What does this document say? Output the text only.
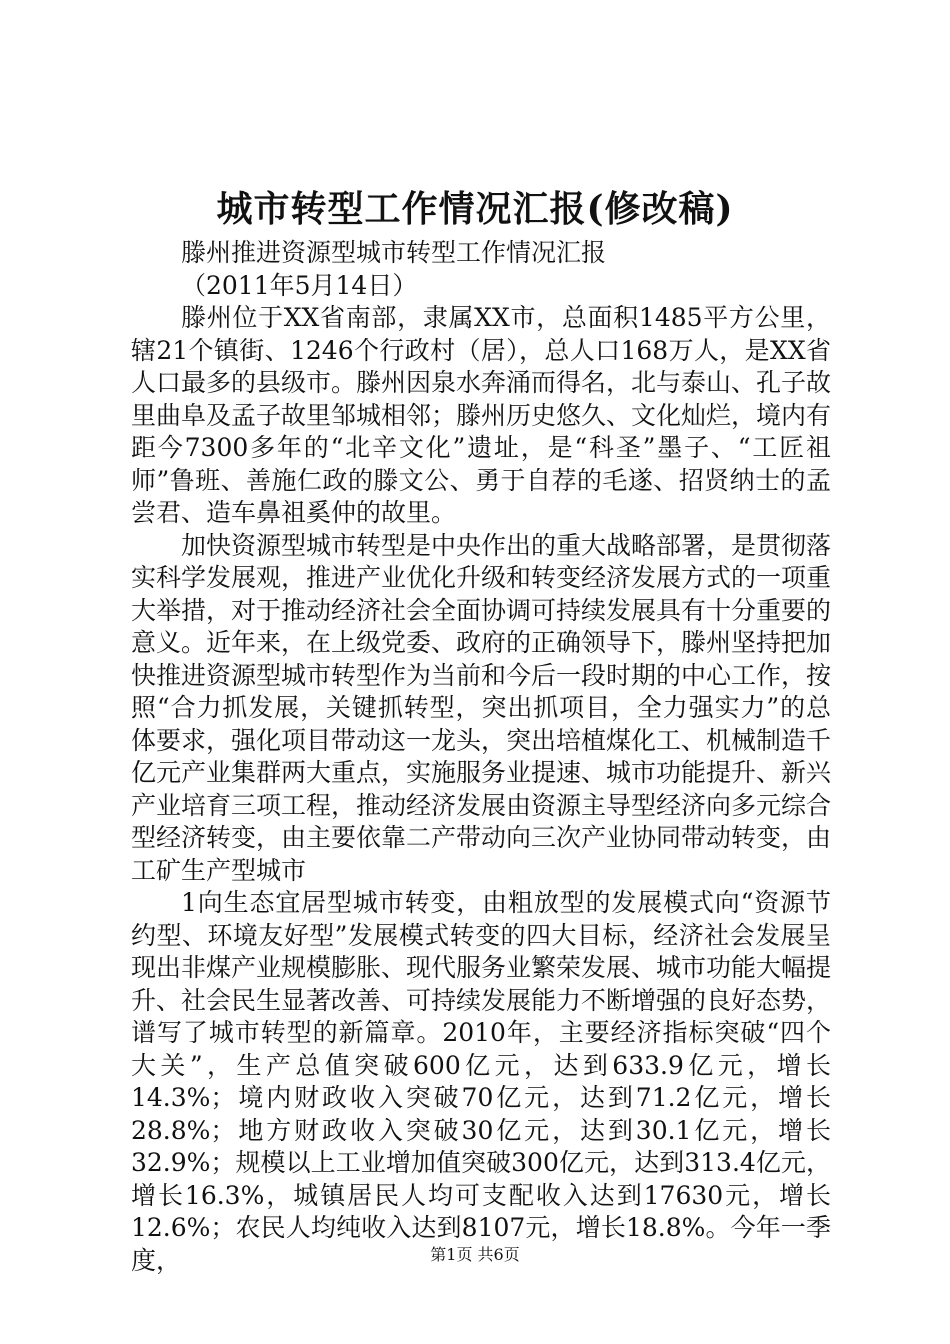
城市转型工作情况汇报(修改稿)

滕州推进资源型城市转型工作情况汇报

（2011年5月14日）

滕州位于XX省南部，隶属XX市，总面积1485平方公里，辖21个镇街、1246个行政村（居），总人口168万人，是XX省人口最多的县级市。滕州因泉水奔涌而得名，北与泰山、孔子故里曲阜及孟子故里邹城相邻；滕州历史悠久、文化灿烂，境内有距今7300多年的“北辛文化”遗址，是“科圣”墨子、“工匠祖师”鲁班、善施仁政的滕文公、勇于自荐的毛遂、招贤纳士的孟尝君、造车鼻祖奚仲的故里。

加快资源型城市转型是中央作出的重大战略部署，是贯彻落实科学发展观，推进产业优化升级和转变经济发展方式的一项重大举措，对于推动经济社会全面协调可持续发展具有十分重要的意义。近年来，在上级党委、政府的正确领导下，滕州坚持把加快推进资源型城市转型作为当前和今后一段时期的中心工作，按照“合力抓发展，关键抓转型，突出抓项目，全力强实力”的总体要求，强化项目带动这一龙头，突出培植煤化工、机械制造千亿元产业集群两大重点，实施服务业提速、城市功能提升、新兴产业培育三项工程，推动经济发展由资源主导型经济向多元综合型经济转变，由主要依靠二产带动向三次产业协同带动转变，由工矿生产型城市

1向生态宜居型城市转变，由粗放型的发展模式向“资源节约型、环境友好型”发展模式转变的四大目标，经济社会发展呈现出非煤产业规模膨胀、现代服务业繁荣发展、城市功能大幅提升、社会民生显著改善、可持续发展能力不断增强的良好态势，谱写了城市转型的新篇章。2010年，主要经济指标突破“四个大关”，生产总值突破600亿元，达到633.9亿元，增长14.3%；境内财政收入突破70亿元，达到71.2亿元，增长28.8%；地方财政收入突破30亿元，达到30.1亿元，增长32.9%；规模以上工业增加值突破300亿元，达到313.4亿元，增长16.3%，城镇居民人均可支配收入达到17630元，增长12.6%；农民人均纯收入达到8107元，增长18.8%。今年一季度，	第1页 共6页
